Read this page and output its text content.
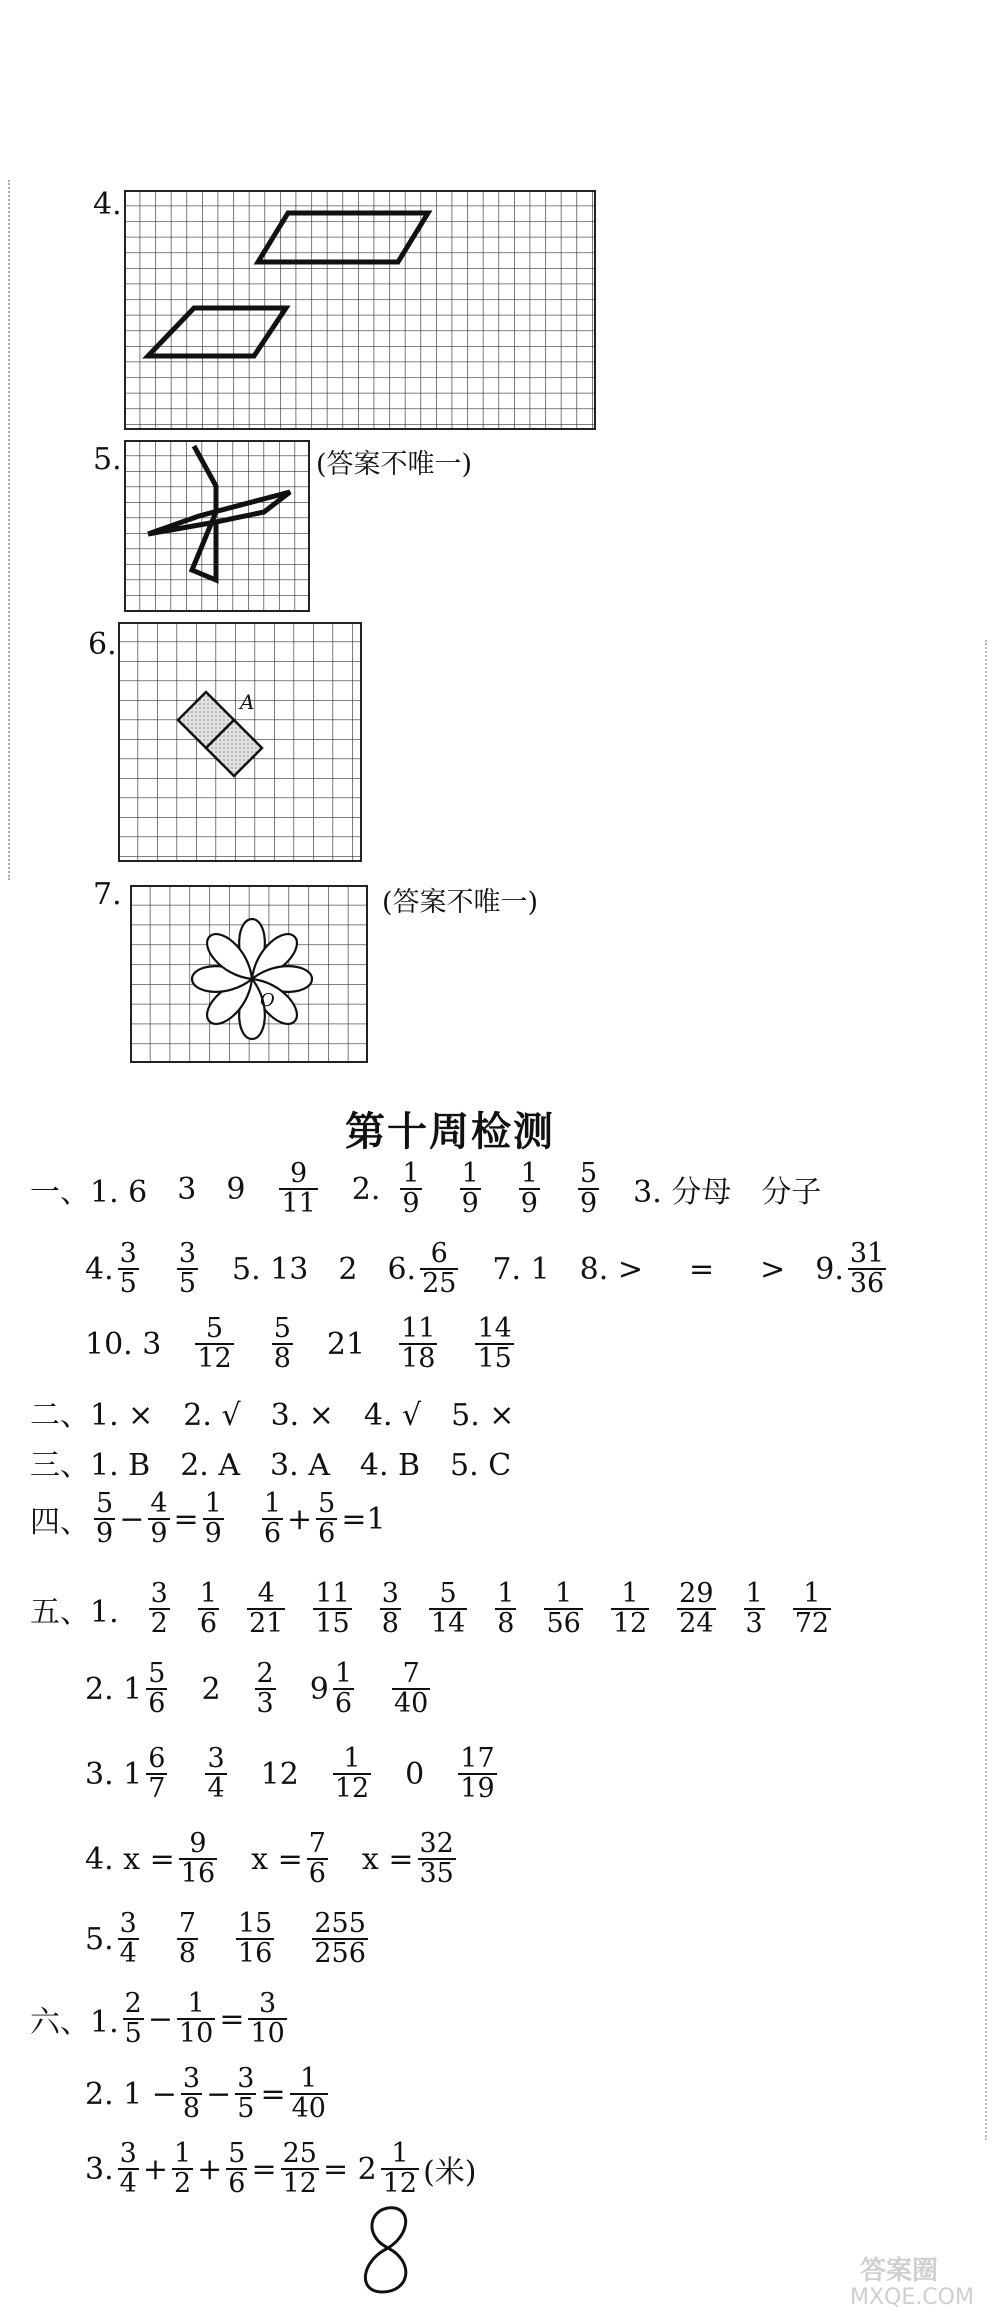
4.
5.	(答案不唯一)
6.
A
7.
O
(答案不唯一)
第十周检测
一、1. 6 3 $9 \frac{9}{11} 2$. $\frac{1}{9} \frac{1}{9} \frac{1}{9} \frac{5}{9} 3$. 分母 分子
4. $\frac{3}{5} \frac{3}{5} 5$. 13 2 6. $\frac{6}{25} 7$. 1 8. > = > 9. $\frac{31}{36}$
10. $3 \frac{5}{12} \frac{5}{8} 21 \frac{11}{18} \frac{14}{15}$
二、1. ×　2. √　3. ×　4. √　5. ×
三、1. B　2. A　3. A　4. B　5. C
四、 $\frac{5}{9} - \frac{4}{9} = \frac{1}{9} \frac{1}{6} + \frac{5}{6} =1$
五、1. $\frac{3}{2} \frac{1}{6} \frac{4}{21} \frac{11}{15} \frac{3}{8} \frac{5}{14} \frac{1}{8} \frac{1}{56} \frac{1}{12} \frac{29}{24} \frac{1}{3} \frac{1}{72}$
2. $1 \frac{5}{6} 2 \frac{2}{3} 9 \frac{1}{6} \frac{7}{40}$
3. $1 \frac{6}{7} \frac{3}{4} 12 \frac{1}{12} 0 \frac{17}{19}$
4. $x = \frac{9}{16}$ $x = \frac{7}{6}$ $x = \frac{32}{35}$
5. $\frac{3}{4} \frac{7}{8} \frac{15}{16} \frac{255}{256}$
六、1. $\frac{2}{5} - \frac{1}{10} = \frac{3}{10}$
2. $1 - \frac{3}{8} - \frac{3}{5} = \frac{1}{40}$
3. $\frac{3}{4} + \frac{1}{2} + \frac{5}{6} = \frac{25}{12} = 2 \frac{1}{12}$ (米)
答案圈
MXQE.COM
